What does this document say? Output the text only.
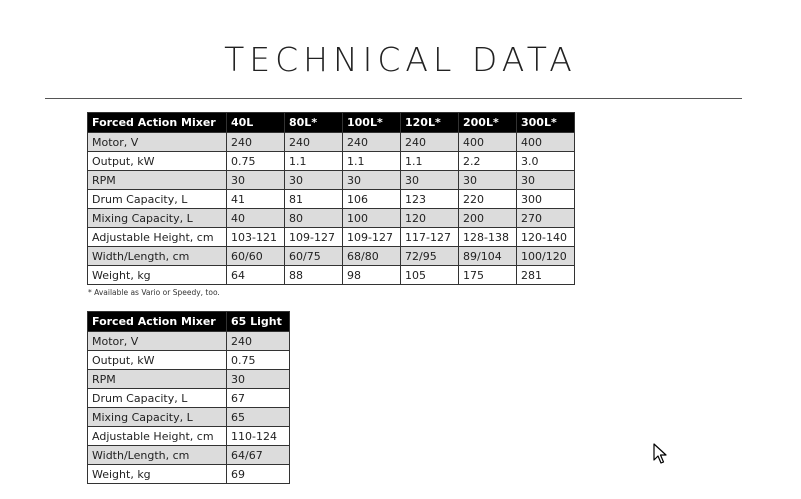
TECHNICAL DATA
Forced Action Mixer	40L	80L*	100L*	120L*	200L*	300L*
Motor, V	240	240	240	240	400	400
Output, kW	0.75	1.1	1.1	1.1	2.2	3.0
RPM	30	30	30	30	30	30
Drum Capacity, L	41	81	106	123	220	300
Mixing Capacity, L	40	80	100	120	200	270
Adjustable Height, cm	103-121	109-127	109-127	117-127	128-138	120-140
Width/Length, cm	60/60	60/75	68/80	72/95	89/104	100/120
Weight, kg	64	88	98	105	175	281
* Available as Vario or Speedy, too.
Forced Action Mixer	65 Light
Motor, V	240
Output, kW	0.75
RPM	30
Drum Capacity, L	67
Mixing Capacity, L	65
Adjustable Height, cm	110-124
Width/Length, cm	64/67
Weight, kg	69
